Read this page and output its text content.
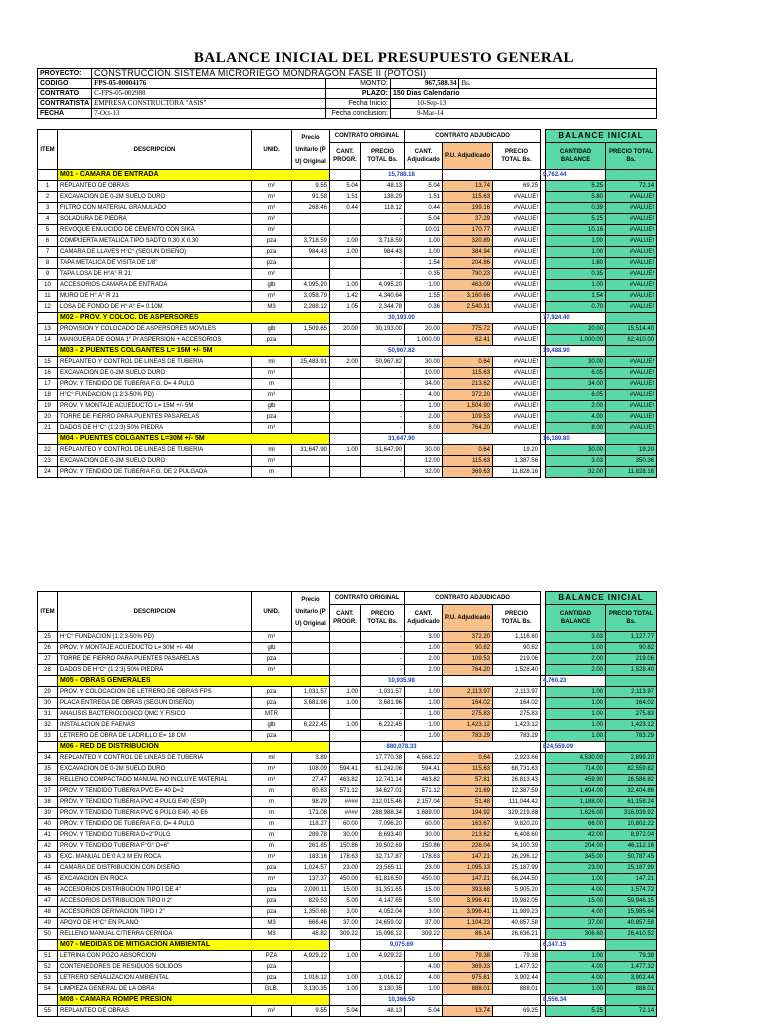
BALANCE INICIAL DEL PRESUPUESTO GENERAL
PROYECTO:	CONSTRUCCION SISTEMA MICRORIEGO MONDRAGON FASE II (POTOSI)			
CODIGO	FPS-05-00004176	MONTO:	967,588.34	Bs.
CONTRATO	C-FPS-05-002988	PLAZO:	150 Dias Calendario	
CONTRATISTA	EMPRESA CONSTRUCTORA "ASIS"	Fecha Inicio:	10-Sep-13	
FECHA	7-Oct-13	Fecha conclusion:	9-Mar-14	
ITEM	DESCRIPCION	UNID.	Precio Unitario (P U) Original	CONTRATO ORIGINAL		CONTRATO ADJUDICADO				BALANCE INICIAL		
				CANT. PROGR.	PRECIO TOTAL Bs.	CANT. Adjudicado	P.U. Adjudicado	PRECIO TOTAL Bs.		CANTIDAD BALANCE	PRECIO TOTAL Bs.	
	M01 - CAMARA DE ENTRADA				15,788.18				9,762.44			
1	REPLANTEO DE OBRAS	m²	9.55	5.04	48.13	5.04	13.74	69.25		5.25	72.14	
2	EXCAVACION DE 0-2M SUELO DURO	m³	91.58	1.51	138.29	1.51	115.63	#VALUE!		5.80	#VALUE!	
3	FILTRO CON MATERIAL GRANULADO	m³	268.46	0.44	118.12	0.44	199.16	#VALUE!		0.39	#VALUE!	
4	SOLADURA DE PIEDRA	m²			-	5.04	37.29	#VALUE!		5.25	#VALUE!	
5	REVOQUE ENLUCIDO DE CEMENTO CON SIKA	m²			-	10.01	170.77	#VALUE!		10.16	#VALUE!	
6	COMPUERTA METALICA TIPO SADTO 0.30 X 0.30	pza	3,718.59	1.00	3,718.59	1.00	320.89	#VALUE!		1.00	#VALUE!	
7	CAMARA DE LLAVES H°C° (SEGUN DISEÑO)	pza	984.43	1.00	984.43	1.00	384.94	#VALUE!		1.00	#VALUE!	
8	TAPA METALICA DE VISITA DE 1/8"	pza			-	1.54	204.86	#VALUE!		1.60	#VALUE!	
9	TAPA LOSA DE H°A° R 21	m²			-	0.35	790.23	#VALUE!		0.35	#VALUE!	
10	ACCESORIOS CAMARA DE ENTRADA	glb	4,095.20	1.00	4,095.20	1.00	463.09	#VALUE!		1.00	#VALUE!	
11	MURO DE H° A° R 21	m³	3,058.79	1.42	4,340.64	1.55	3,160.66	#VALUE!		1.54	#VALUE!	
12	LOSA DE FONDO DE H° A° E= 0.10M	M3	2,288.12	1.05	2,344.78	0.36	2,540.31	#VALUE!		0.70	#VALUE!	
	M02 - PROV. Y COLOC. DE ASPERSORES				30,193.00				77,924.40			
13	PROVISION Y COLOCADO DE ASPERSORES MOVILES	glb	1,509.65	20.00	30,193.00	20.00	775.72	#VALUE!		20.00	15,514.40	
14	MANGUERA DE GOMA 1" P/ ASPERSION + ACCESORIOS	pza			-	1,000.00	62.41	#VALUE!		1,000.00	62,410.00	
	M03 - 2 PUENTES COLGANTES L= 15M +/- 5M				50,967.82				19,488.90			
15	REPLANTEO Y CONTROL DE LINEAS DE TUBERIA	ml	25,483.91	2.00	50,967.82	30.00	0.64	#VALUE!		30.00	#VALUE!	
16	EXCAVACION DE 0-2M SUELO DURO	m³			-	10.00	115.63	#VALUE!		6.05	#VALUE!	
17	PROV. Y TENDIDO DE TUBERIA F.G. D= 4 PULG	m			-	34.00	213.62	#VALUE!		34.00	#VALUE!	
18	H°C° FUNDACION (1:2:3-50% PD)	m³			-	4.00	372.20	#VALUE!		6.05	#VALUE!	
19	PROV. Y MONTAJE ACUEDUCTO L= 15M +/- 5M	glb			-	1.00	1,504.90	#VALUE!		2.00	#VALUE!	
20	TORRE DE FIERRO PARA PUENTES PASARELAS	pza			-	2.00	109.53	#VALUE!		4.00	#VALUE!	
21	DADOS DE H°C° (1:2:3) 50% PIEDRA	m³			-	8.00	764.20	#VALUE!		8.00	#VALUE!	
	M04 - PUENTES COLGANTES L=30M +/- 5M				31,647.90				16,189.80			
22	REPLANTEO Y CONTROL DE LINEAS DE TUBERIA	ml	31,647.90	1.00	31,647.90	30.00	0.64	19.20		30.00	19.20	
23	EXCAVACION DE 0-2M SUELO DURO	m³			-	12.00	115.63	1,387.56		3.03	350.36	
24	PROV. Y TENDIDO DE TUBERIA F.G. DE 2 PULGADA	m			-	32.00	369.63	11,828.16		32.00	11,828.16	
ITEM	DESCRIPCION	UNID.	Precio Unitario (P U) Original	CONTRATO ORIGINAL		CONTRATO ADJUDICADO				BALANCE INICIAL		
				CANT. PROGR.	PRECIO TOTAL Bs.	CANT. Adjudicado	P.U. Adjudicado	PRECIO TOTAL Bs.		CANTIDAD BALANCE	PRECIO TOTAL Bs.	
25	H°C° FUNDACION (1:2:3-50% PD)	m³			-	3.00	372.20	1,116.60		3.03	1,127.77	
26	PROV. Y MONTAJE ACUEDUCTO L= 30M +/- 4M	glb			-	1.00	90.82	90.82		1.00	90.82	
27	TORRE DE FIERRO PARA PUENTES PASARELAS	pza			-	2.00	109.53	219.06		2.00	219.06	
28	DADOS DE H°C° (1:2:3) 50% PIEDRA	m³			-	2.00	764.20	1,528.40		2.00	1,528.40	
	M05 - OBRAS GENERALES				10,935.98				4,760.23			
29	PROV. Y COLOCACION DE LETRERO DE OBRAS FPS	pza	1,031.57	1.00	1,031.57	1.00	2,113.97	2,113.97		1.00	2,113.97	
30	PLACA ENTREGA DE OBRAS (SEGUN DISEÑO)	pza	3,681.96	1.00	3,681.96	1.00	164.02	164.02		1.00	164.02	
31	ANALISIS BACTERIOLOGICO QMC Y FISICO	MTR			-	1.00	275.83	275.83		1.00	275.83	
32	INSTALACION DE FAENAS	glb	6,222.45	1.00	6,222.45	1.00	1,423.12	1,423.12		1.00	1,423.12	
33	LETRERO DE OBRA DE LADRILLO E= 18 CM	pza			-	1.00	783.29	783.29		1.00	783.29	
	M06 - RED DE DISTRIBUCION				880,078.33				824,559.09			
34	REPLANTEO Y CONTROL DE LINEAS DE TUBERIA	ml	3.89		17,770.38	4,568.22	0.64	2,923.66		4,530.00	2,899.20	
35	EXCAVACION DE 0-2M SUELO DURO	m³	108.09	594.41	61,242.06	594.41	115.63	68,731.63		714.00	82,559.82	
36	RELLENO COMPACTADO MANUAL NO INCLUYE MATERIAL	m³	27.47	463.82	12,741.14	463.82	57.81	26,813.43		459.90	26,586.82	
37	PROV. Y TENDIDO TUBERIA PVC E= 40 D=2	m	60.63	571.12	34,627.01	571.12	21.69	12,387.59		1,494.00	32,404.86	
38	PROV. Y TENDIDO TUBERIA PVC 4 PULG E40 (ESP)	m	98.29	####	212,015.46	2,157.04	51.48	111,044.42		1,188.00	61,158.24	
39	PROV. Y TENDIDO TUBERIA PVC 6 PULG E40. 40 E6	m	171.08	####	288,988.34	1,689.00	194.92	329,219.88		1,626.00	316,939.92	
40	PROV. Y TENDIDO DE TUBERIA F.G. D= 4 PULG	m	118.27	60.00	7,096.20	60.00	163.67	9,820.20		66.00	10,802.22	
41	PROV. Y TENDIDO TUBERIA D=2"PULG	m	289.78	30.00	8,693.40	30.00	213.62	6,408.60		42.00	8,972.04	
42	PROV. Y TENDIDO TUBERIA F°G° D=6"	m	261.85	150.86	39,502.69	150.86	226.04	34,100.39		204.00	46,112.16	
43	EXC. MANUAL DE 0 A 2 M EN ROCA	m³	183.16	178.63	32,717.87	178.63	147.21	26,296.12		345.00	50,787.45	
44	CAMARA DE DISTRIBUCION CON DISEÑO	pza	1,024.57	23.00	23,565.11	23.00	1,095.13	25,187.99		23.00	25,187.99	
45	EXCAVACION EN ROCA	m³	137.37	450.00	61,816.50	450.00	147.21	66,244.50		1.00	147.21	
46	ACCESORIOS DISTRIBUCION TIPO I DE 4"	pza	2,090.11	15.00	31,351.65	15.00	393.68	5,905.20		4.00	1,574.72	
47	ACCESORIOS DISTRIBUCION TIPO II 2"	pza	829.53	5.00	4,147.65	5.00	3,996.41	19,982.05		15.00	59,946.15	
48	ACCESORIOS DERIVACION TIPO I 2"	pza	1,350.68	3.00	4,052.04	3.00	3,996.41	11,989.23		4.00	15,985.64	
49	APOYO DE H°C° EN PLANO	M3	666.46	37.00	24,659.02	37.00	1,104.23	40,857.58		37.00	40,857.58	
50	RELLENO MANUAL C/TIERRA CERNIDA	M3	48.82	309.22	15,096.12	309.22	86.14	26,636.21		306.60	26,410.52	
	M07 - MEDIDAS DE MITIGACION AMBIENTAL				9,075.69				6,347.15			
51	LETRINA CON POZO ABSORCION	PZA	4,929.22	1.00	4,929.22	1.00	79.38	79.38		1.00	79.38	
52	CONTENEDORES DE RESIDUOS SOLIDOS	pza			-	4.00	369.33	1,477.32		4.00	1,477.32	
53	LETRERO SEÑALIZACION AMBIENTAL	pza	1,016.12	1.00	1,016.12	4.00	975.61	3,902.44		4.00	3,902.44	
54	LIMPIEZA GENERAL DE LA OBRA	GLB.	3,130.35	1.00	3,130.35	1.00	888.01	888.01		1.00	888.01	
	M08 - CAMARA ROMPE PRESION				10,366.50				8,556.34			
55	REPLANTEO DE OBRAS	m²	9.55	5.04	48.13	5.04	13.74	69.25		5.25	72.14	
